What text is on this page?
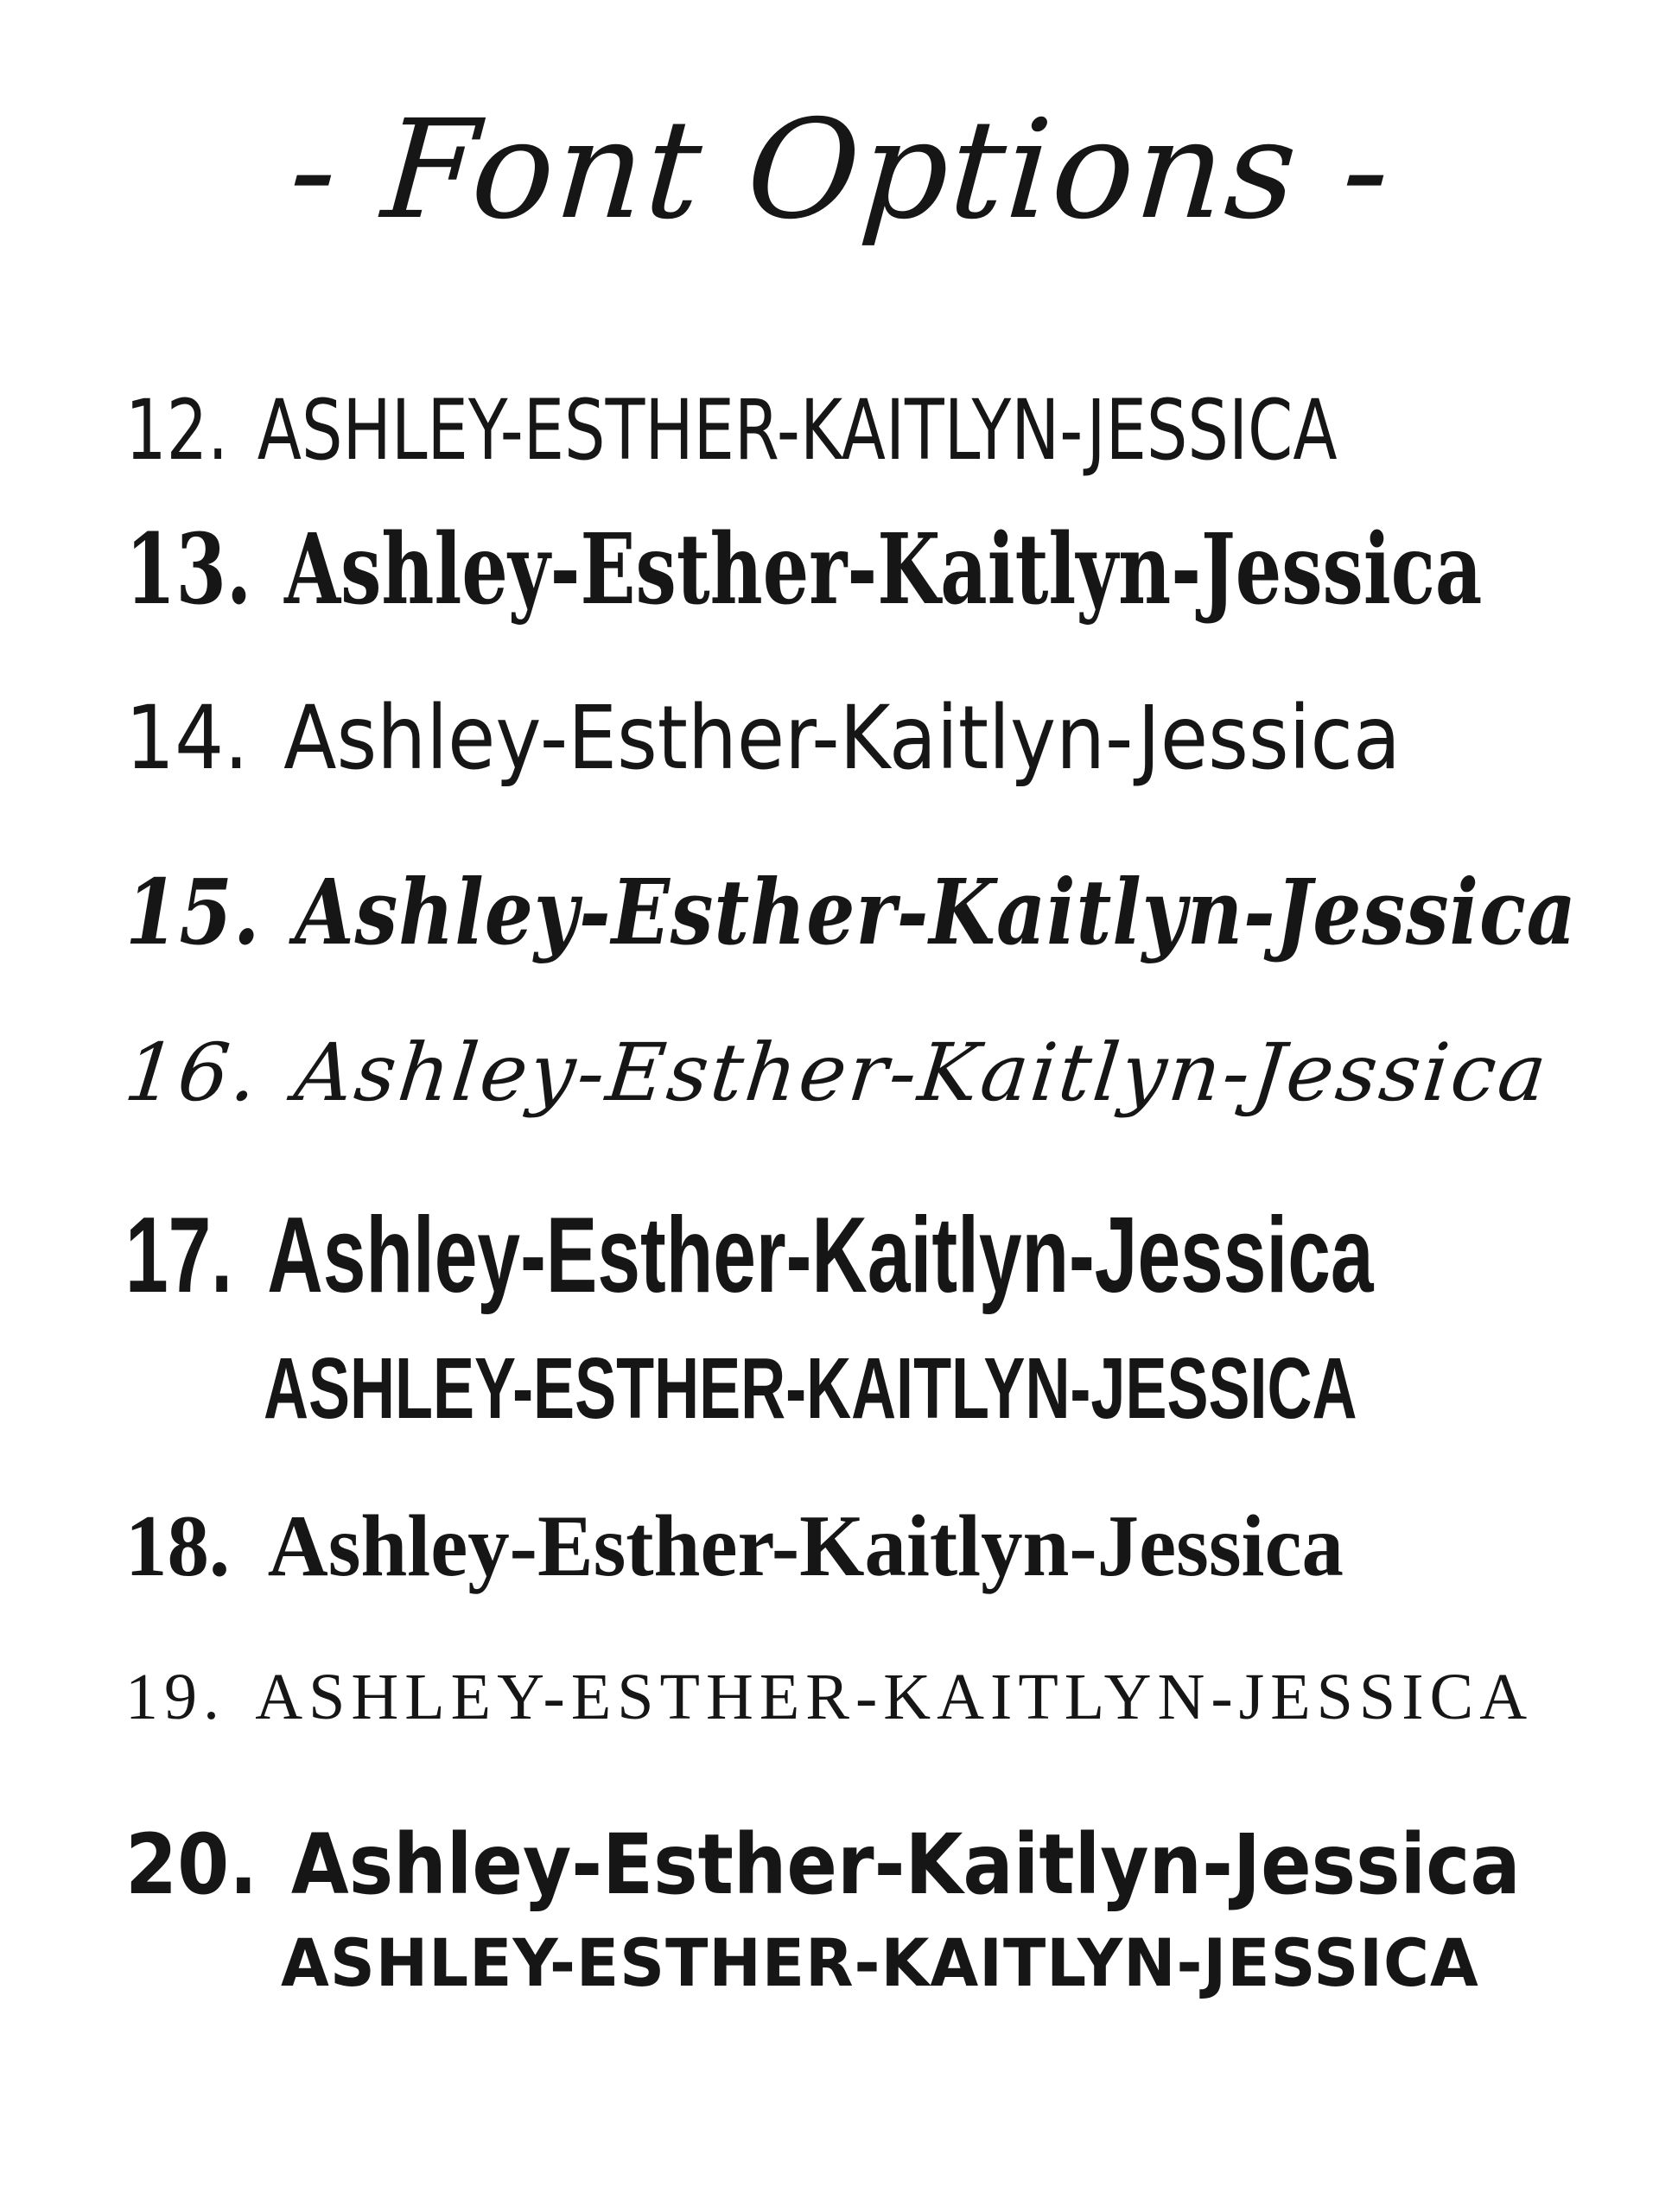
- Font Options -
12. ASHLEY-ESTHER-KAITLYN-JESSICA
13. Ashley-Esther-Kaitlyn-Jessica
14. Ashley-Esther-Kaitlyn-Jessica
15. Ashley-Esther-Kaitlyn-Jessica
16. Ashley-Esther-Kaitlyn-Jessica
17. Ashley-Esther-Kaitlyn-Jessica
ASHLEY-ESTHER-KAITLYN-JESSICA
18. Ashley-Esther-Kaitlyn-Jessica
19. ASHLEY-ESTHER-KAITLYN-JESSICA
20. Ashley-Esther-Kaitlyn-Jessica
ASHLEY-ESTHER-KAITLYN-JESSICA
